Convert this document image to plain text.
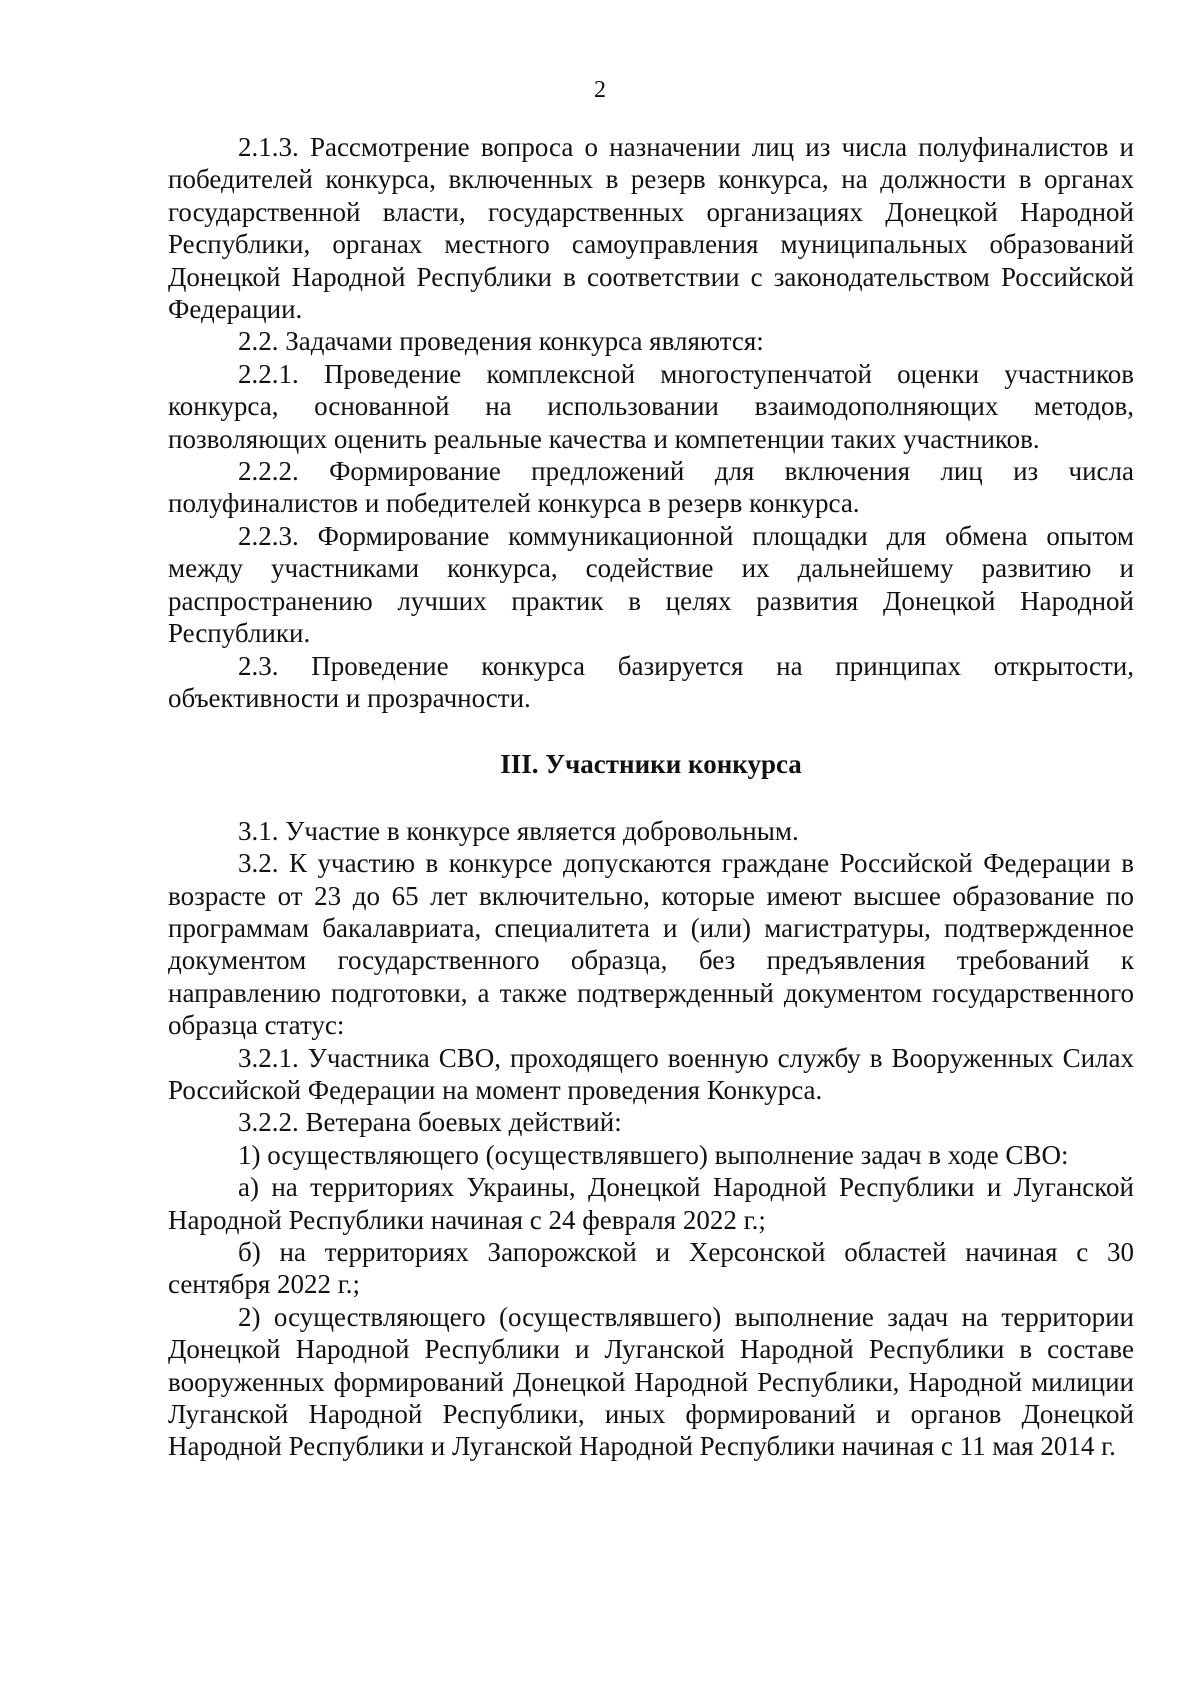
2

2.1.3. Рассмотрение вопроса о назначении лиц из числа полуфиналистов и победителей конкурса, включенных в резерв конкурса, на должности в органах государственной власти, государственных организациях Донецкой Народной Республики, органах местного самоуправления муниципальных образований Донецкой Народной Республики в соответствии с законодательством Российской Федерации.

2.2. Задачами проведения конкурса являются:

2.2.1. Проведение комплексной многоступенчатой оценки участников конкурса, основанной на использовании взаимодополняющих методов, позволяющих оценить реальные качества и компетенции таких участников.

2.2.2. Формирование предложений для включения лиц из числа полуфиналистов и победителей конкурса в резерв конкурса.

2.2.3. Формирование коммуникационной площадки для обмена опытом между участниками конкурса, содействие их дальнейшему развитию и распространению лучших практик в целях развития Донецкой Народной Республики.

2.3. Проведение конкурса базируется на принципах открытости, объективности и прозрачности.

III. Участники конкурса

3.1. Участие в конкурсе является добровольным.

3.2. К участию в конкурсе допускаются граждане Российской Федерации в возрасте от 23 до 65 лет включительно, которые имеют высшее образование по программам бакалавриата, специалитета и (или) магистратуры, подтвержденное документом государственного образца, без предъявления требований к направлению подготовки, а также подтвержденный документом государственного образца статус:

3.2.1. Участника СВО, проходящего военную службу в Вооруженных Силах Российской Федерации на момент проведения Конкурса.

3.2.2. Ветерана боевых действий:

1) осуществляющего (осуществлявшего) выполнение задач в ходе СВО:

а) на территориях Украины, Донецкой Народной Республики и Луганской Народной Республики начиная с 24 февраля 2022 г.;

б) на территориях Запорожской и Херсонской областей начиная с 30 сентября 2022 г.;

2) осуществляющего (осуществлявшего) выполнение задач на территории Донецкой Народной Республики и Луганской Народной Республики в составе вооруженных формирований Донецкой Народной Республики, Народной милиции Луганской Народной Республики, иных формирований и органов Донецкой Народной Республики и Луганской Народной Республики начиная с 11 мая 2014 г.
